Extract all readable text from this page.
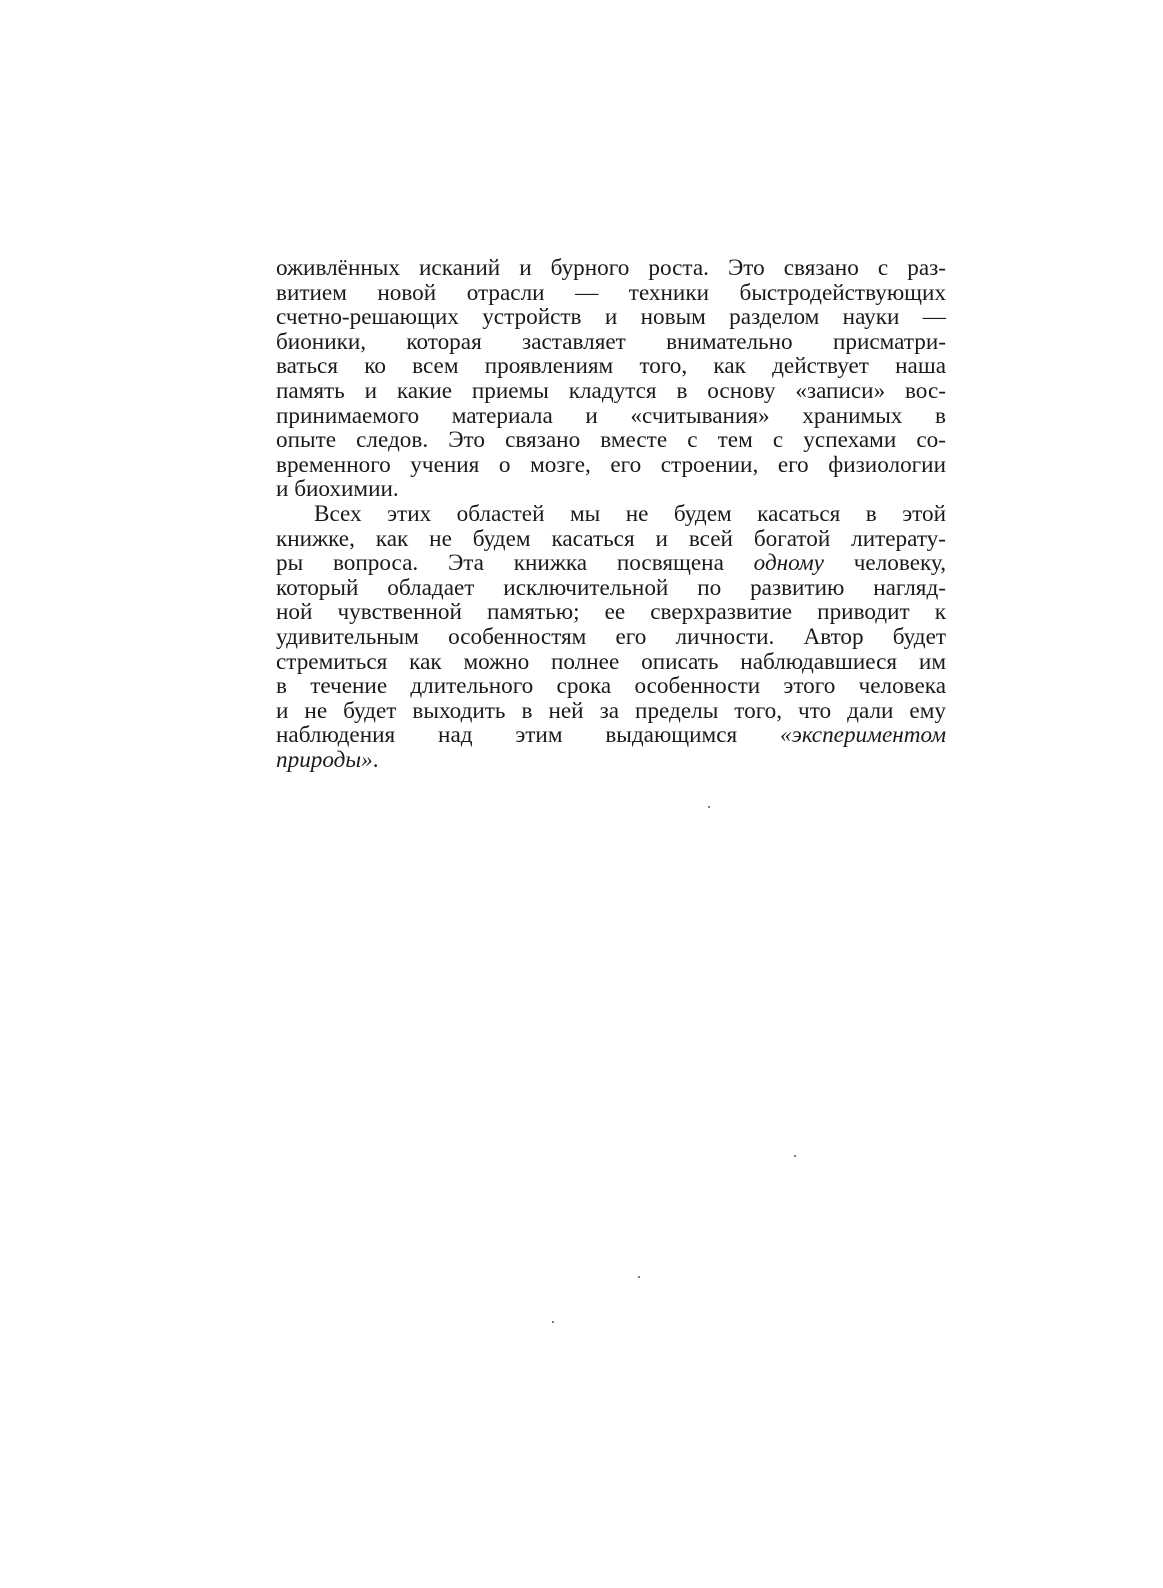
оживлённых исканий и бурного роста. Это связано с раз-
витием новой отрасли — техники быстродействующих
счетно-решающих устройств и новым разделом науки —
бионики, которая заставляет внимательно присматри-
ваться ко всем проявлениям того, как действует наша
память и какие приемы кладутся в основу «записи» вос-
принимаемого материала и «считывания» хранимых в
опыте следов. Это связано вместе с тем с успехами со-
временного учения о мозге, его строении, его физиологии
и биохимии.
Всех этих областей мы не будем касаться в этой
книжке, как не будем касаться и всей богатой литерату-
ры вопроса. Эта книжка посвящена одному человеку,
который обладает исключительной по развитию нагляд-
ной чувственной памятью; ее сверхразвитие приводит к
удивительным особенностям его личности. Автор будет
стремиться как можно полнее описать наблюдавшиеся им
в течение длительного срока особенности этого человека
и не будет выходить в ней за пределы того, что дали ему
наблюдения над этим выдающимся «экспериментом
природы».
